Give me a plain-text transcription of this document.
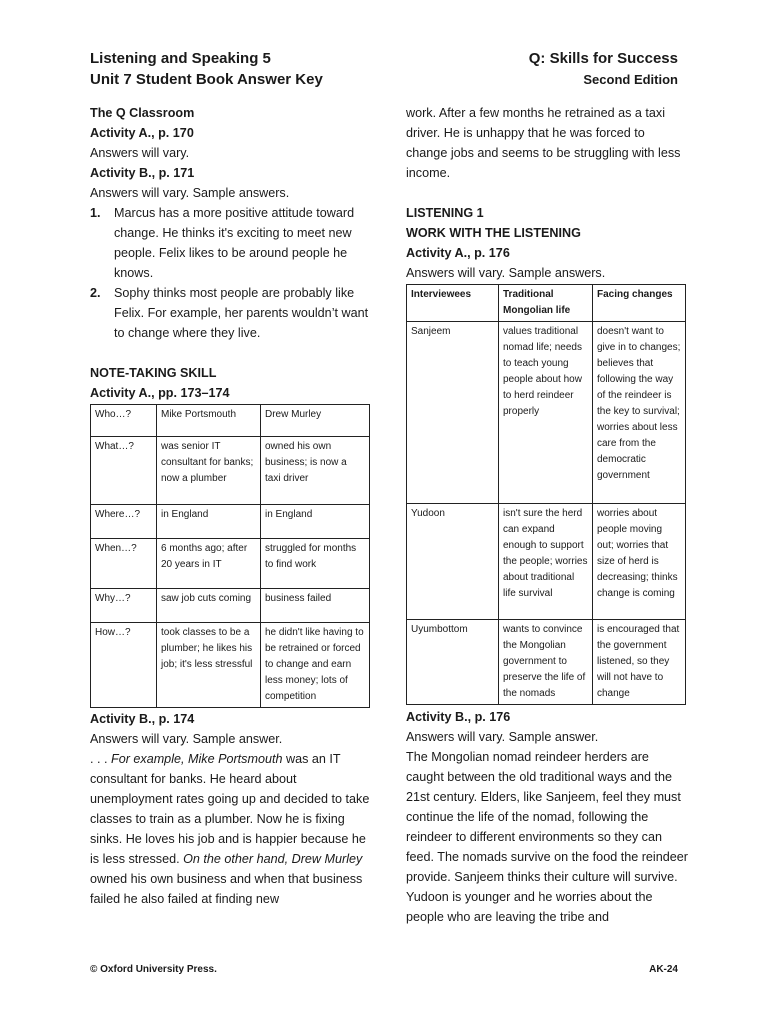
Listening and Speaking 5
Unit 7 Student Book Answer Key
Q: Skills for Success
Second Edition

The Q Classroom

Activity A., p. 170

Answers will vary.

Activity B., p. 171

Answers will vary. Sample answers.

1.	Marcus has a more positive attitude toward change. He thinks it's exciting to meet new people. Felix likes to be around people he knows.
2.	Sophy thinks most people are probably like Felix. For example, her parents wouldn’t want to change where they live.

NOTE-TAKING SKILL

Activity A., pp. 173–174

Who…?	Mike Portsmouth	Drew Murley
What…?	was senior IT consultant for banks; now a plumber	owned his own business; is now a taxi driver
Where…?	in England	in England
When…?	6 months ago; after 20 years in IT	struggled for months to find work
Why…?	saw job cuts coming	business failed
How…?	took classes to be a plumber; he likes his job; it's less stressful	he didn't like having to be retrained or forced to change and earn less money; lots of competition

Activity B., p. 174

Answers will vary. Sample answer.

. . . For example, Mike Portsmouth was an IT consultant for banks. He heard about unemployment rates going up and decided to take classes to train as a plumber. Now he is fixing sinks. He loves his job and is happier because he is less stressed. On the other hand, Drew Murley owned his own business and when that business failed he also failed at finding new

work. After a few months he retrained as a taxi driver. He is unhappy that he was forced to change jobs and seems to be struggling with less income.

LISTENING 1

WORK WITH THE LISTENING

Activity A., p. 176

Answers will vary. Sample answers.

Interviewees	Traditional Mongolian life	Facing changes
Sanjeem	values traditional nomad life; needs to teach young people about how to herd reindeer properly	doesn't want to give in to changes; believes that following the way of the reindeer is the key to survival; worries about less care from the democratic government
Yudoon	isn't sure the herd can expand enough to support the people; worries about traditional life survival	worries about people moving out; worries that size of herd is decreasing; thinks change is coming
Uyumbottom	wants to convince the Mongolian government to preserve the life of the nomads	is encouraged that the government listened, so they will not have to change

Activity B., p. 176

Answers will vary. Sample answer.

The Mongolian nomad reindeer herders are caught between the old traditional ways and the 21st century. Elders, like Sanjeem, feel they must continue the life of the nomad, following the reindeer to different environments so they can feed. The nomads survive on the food the reindeer provide. Sanjeem thinks their culture will survive. Yudoon is younger and he worries about the people who are leaving the tribe and

© Oxford University Press.	AK-24
